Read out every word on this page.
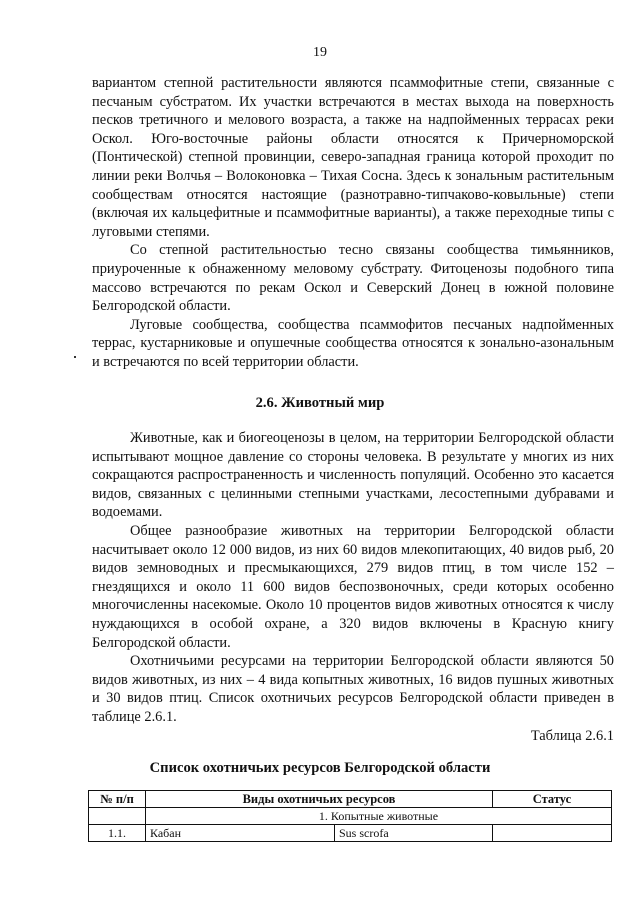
19

вариантом степной растительности являются псаммофитные степи, связанные с песчаным субстратом. Их участки встречаются в местах выхода на поверхность песков третичного и мелового возраста, а также на надпойменных террасах реки Оскол. Юго-восточные районы области относятся к Причерноморской (Понтической) степной провинции, северо-западная граница которой проходит по линии реки Волчья – Волоконовка – Тихая Сосна. Здесь к зональным растительным сообществам относятся настоящие (разнотравно-типчаково-ковыльные) степи (включая их кальцефитные и псаммофитные варианты), а также переходные типы с луговыми степями.

Со степной растительностью тесно связаны сообщества тимьянников, приуроченные к обнаженному меловому субстрату. Фитоценозы подобного типа массово встречаются по рекам Оскол и Северский Донец в южной половине Белгородской области.

Луговые сообщества, сообщества псаммофитов песчаных надпойменных террас, кустарниковые и опушечные сообщества относятся к зонально-азональным и встречаются по всей территории области.

2.6. Животный мир

Животные, как и биогеоценозы в целом, на территории Белгородской области испытывают мощное давление со стороны человека. В результате у многих из них сокращаются распространенность и численность популяций. Особенно это касается видов, связанных с целинными степными участками, лесостепными дубравами и водоемами.

Общее разнообразие животных на территории Белгородской области насчитывает около 12 000 видов, из них 60 видов млекопитающих, 40 видов рыб, 20 видов земноводных и пресмыкающихся, 279 видов птиц, в том числе 152 – гнездящихся и около 11 600 видов беспозвоночных, среди которых особенно многочисленны насекомые. Около 10 процентов видов животных относятся к числу нуждающихся в особой охране, а 320 видов включены в Красную книгу Белгородской области.

Охотничьими ресурсами на территории Белгородской области являются 50 видов животных, из них – 4 вида копытных животных, 16 видов пушных животных и 30 видов птиц. Список охотничьих ресурсов Белгородской области приведен в таблице 2.6.1.

Таблица 2.6.1
Список охотничьих ресурсов Белгородской области
№ п/п	Виды охотничьих ресурсов		Статус
	1. Копытные животные		
1.1.	Кабан	Sus scrofa	
